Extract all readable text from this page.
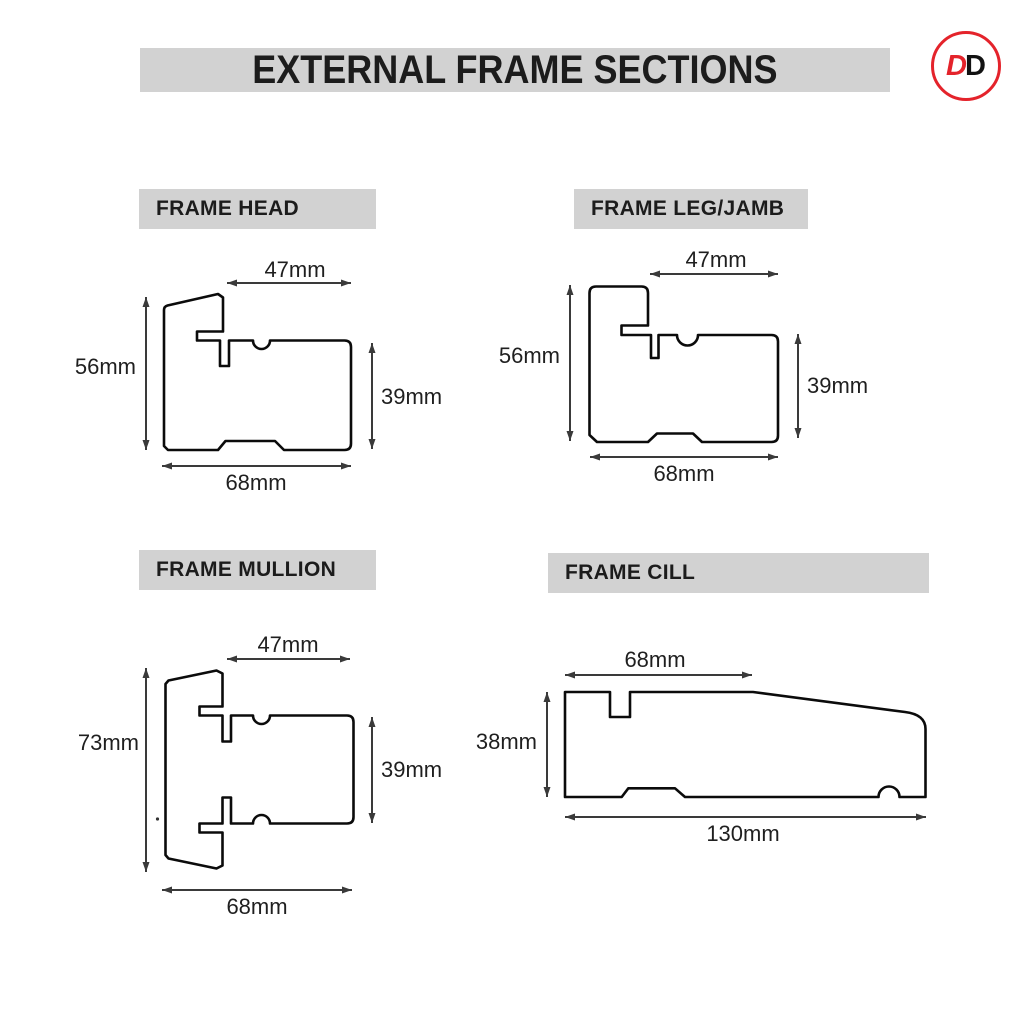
EXTERNAL FRAME SECTIONS	D D
FRAME HEAD	FRAME LEG/JAMB
FRAME MULLION	FRAME CILL
47mm
56mm
39mm
68mm
47mm
56mm
39mm
68mm
47mm
73mm
39mm
68mm
68mm
38mm
130mm
